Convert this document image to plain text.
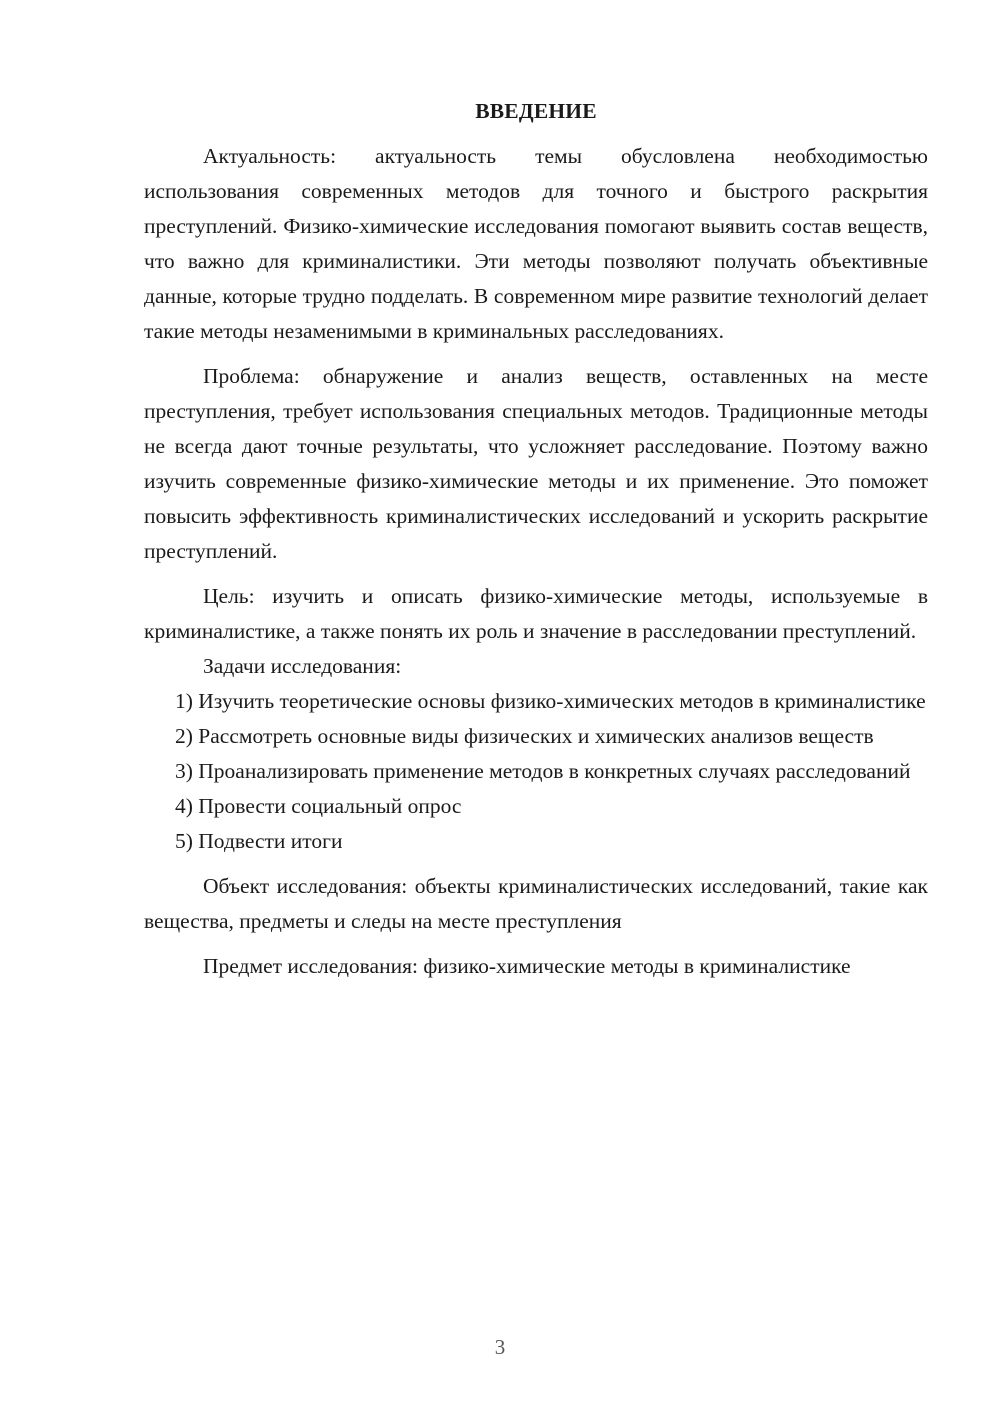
ВВЕДЕНИЕ

Актуальность: актуальность темы обусловлена необходимостью использования современных методов для точного и быстрого раскрытия преступлений. Физико-химические исследования помогают выявить состав веществ, что важно для криминалистики. Эти методы позволяют получать объективные данные, которые трудно подделать. В современном мире развитие технологий делает такие методы незаменимыми в криминальных расследованиях.

Проблема: обнаружение и анализ веществ, оставленных на месте преступления, требует использования специальных методов. Традиционные методы не всегда дают точные результаты, что усложняет расследование. Поэтому важно изучить современные физико-химические методы и их применение. Это поможет повысить эффективность криминалистических исследований и ускорить раскрытие преступлений.

Цель: изучить и описать физико-химические методы, используемые в криминалистике, а также понять их роль и значение в расследовании преступлений.

Задачи исследования:

1) Изучить теоретические основы физико-химических методов в криминалистике

2) Рассмотреть основные виды физических и химических анализов веществ

3) Проанализировать применение методов в конкретных случаях расследований

4) Провести социальный опрос

5) Подвести итоги

Объект исследования: объекты криминалистических исследований, такие как вещества, предметы и следы на месте преступления

Предмет исследования: физико-химические методы в криминалистике

3
